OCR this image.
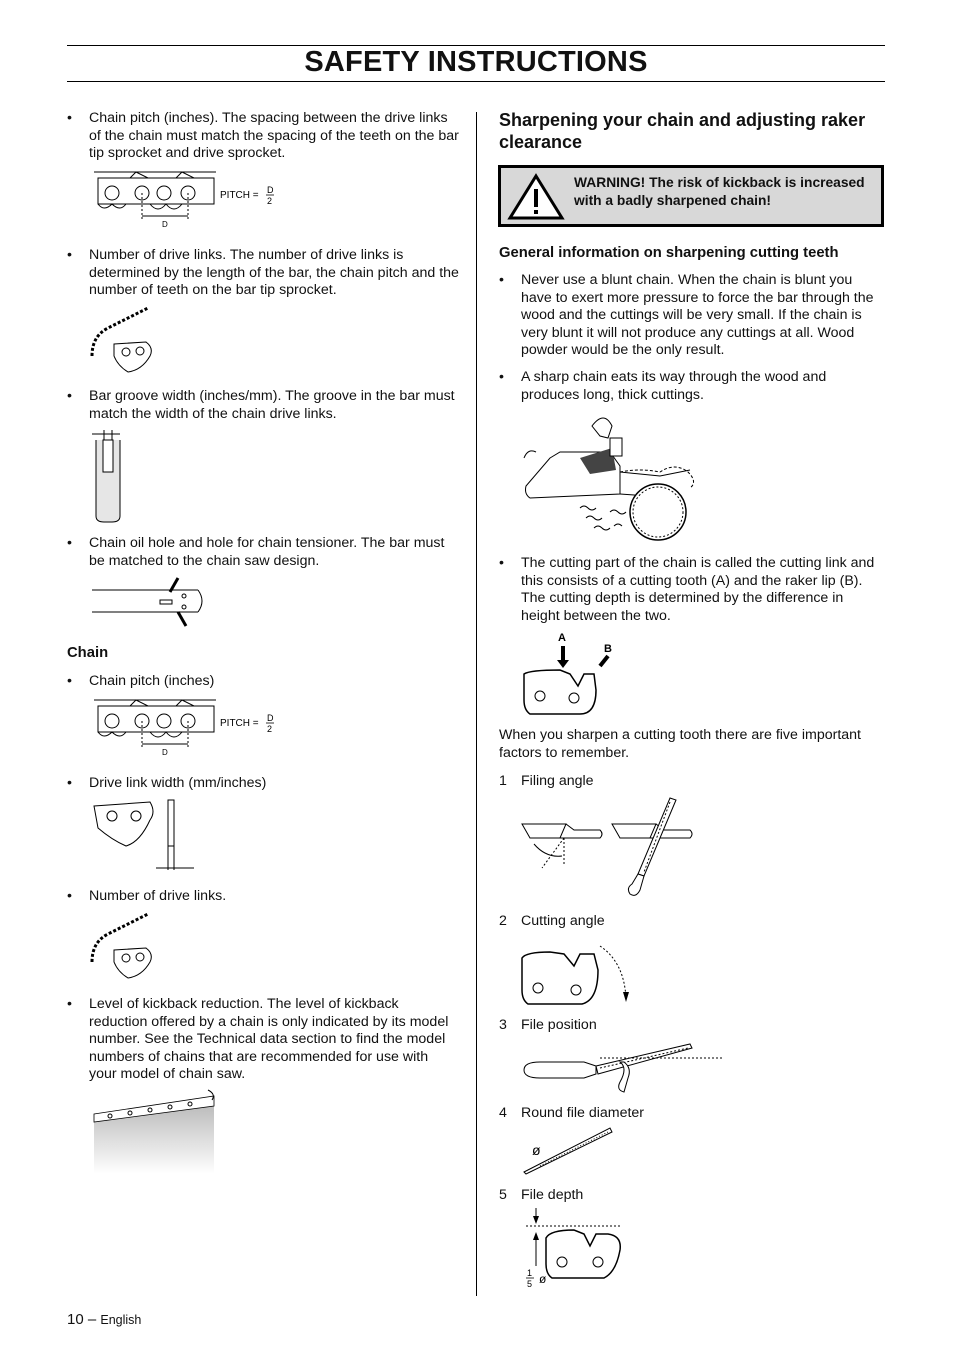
SAFETY INSTRUCTIONS
• Chain pitch (inches). The spacing between the drive links of the chain must match the spacing of the teeth on the bar tip sprocket and drive sprocket.
D
PITCH = D
2
• Number of drive links. The number of drive links is determined by the length of the bar, the chain pitch and the number of teeth on the bar tip sprocket.
• Bar groove width (inches/mm). The groove in the bar must match the width of the chain drive links.
• Chain oil hole and hole for chain tensioner. The bar must be matched to the chain saw design.
Chain
• Chain pitch (inches)
D
PITCH = D
2
• Drive link width (mm/inches)
• Number of drive links.
• Level of kickback reduction. The level of kickback reduction offered by a chain is only indicated by its model number. See the Technical data section to find the model numbers of chains that are recommended for use with your model of chain saw.
Sharpening your chain and adjusting raker clearance
WARNING! The risk of kickback is increased with a badly sharpened chain!
General information on sharpening cutting teeth
• Never use a blunt chain. When the chain is blunt you have to exert more pressure to force the bar through the wood and the cuttings will be very small. If the chain is very blunt it will not produce any cuttings at all. Wood powder would be the only result.
• A sharp chain eats its way through the wood and produces long, thick cuttings.
• The cutting part of the chain is called the cutting link and this consists of a cutting tooth (A) and the raker lip (B). The cutting depth is determined by the difference in height between the two.
A
B
When you sharpen a cutting tooth there are five important factors to remember.
1 Filing angle
2 Cutting angle
3 File position
4 Round file diameter
ø
5 File depth
1
5 ø
10 – English
